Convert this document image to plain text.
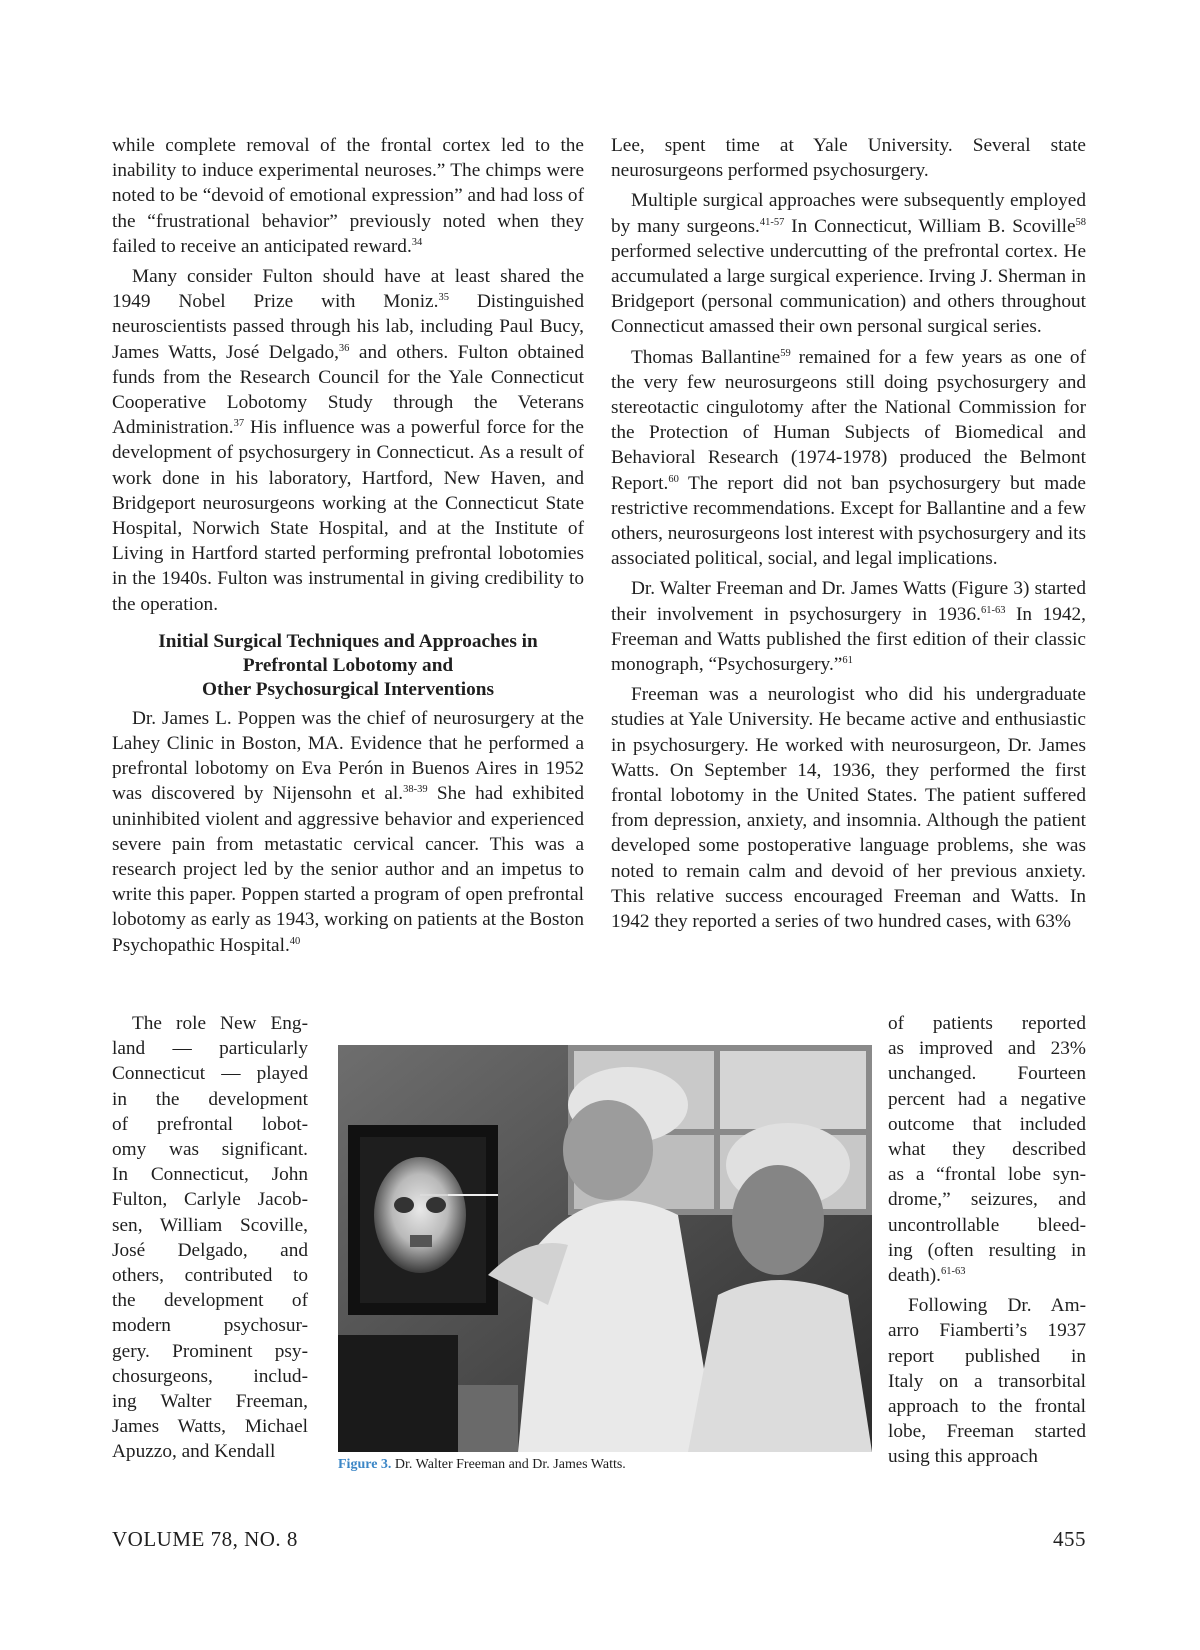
while complete removal of the frontal cortex led to the inability to induce experimental neuroses.” The chimps were noted to be “devoid of emotional expression” and had loss of the “frustrational behavior” previously noted when they failed to receive an anticipated reward.$^{34}$

Many consider Fulton should have at least shared the 1949 Nobel Prize with Moniz.$^{35}$ Distinguished neuroscientists passed through his lab, including Paul Bucy, James Watts, José Delgado,$^{36}$ and others. Fulton obtained funds from the Research Council for the Yale Connecticut Cooperative Lobotomy Study through the Veterans Administration.$^{37}$ His influence was a powerful force for the development of psychosurgery in Connecticut. As a result of work done in his laboratory, Hartford, New Haven, and Bridgeport neurosurgeons working at the Connecticut State Hospital, Norwich State Hospital, and at the Institute of Living in Hartford started performing prefrontal lobotomies in the 1940s. Fulton was instrumental in giving credibility to the operation.

Initial Surgical Techniques and Approaches in
Prefrontal Lobotomy and
Other Psychosurgical Interventions

Dr. James L. Poppen was the chief of neurosurgery at the Lahey Clinic in Boston, MA. Evidence that he performed a prefrontal lobotomy on Eva Perón in Buenos Aires in 1952 was discovered by Nijensohn et al.$^{38-39}$ She had exhibited uninhibited violent and aggressive behavior and experienced severe pain from metastatic cervical cancer. This was a research project led by the senior author and an impetus to write this paper. Poppen started a program of open prefrontal lobotomy as early as 1943, working on patients at the Boston Psychopathic Hospital.$^{40}$

The role New Eng-
land — particularly
Connecticut — played
in the development
of prefrontal lobot-
omy was significant.
In Connecticut, John
Fulton, Carlyle Jacob-
sen, William Scoville,
José Delgado, and
others, contributed to
the development of
modern psychosur-
gery. Prominent psy-
chosurgeons, includ-
ing Walter Freeman,
James Watts, Michael
Apuzzo, and Kendall

Lee, spent time at Yale University. Several state neurosurgeons performed psychosurgery.

Multiple surgical approaches were subsequently employed by many surgeons.$^{41-57}$ In Connecticut, William B. Scoville$^{58}$ performed selective undercutting of the prefrontal cortex. He accumulated a large surgical experience. Irving J. Sherman in Bridgeport (personal communication) and others throughout Connecticut amassed their own personal surgical series.

Thomas Ballantine$^{59}$ remained for a few years as one of the very few neurosurgeons still doing psychosurgery and stereotactic cingulotomy after the National Commission for the Protection of Human Subjects of Biomedical and Behavioral Research (1974-1978) produced the Belmont Report.$^{60}$ The report did not ban psychosurgery but made restrictive recommendations. Except for Ballantine and a few others, neurosurgeons lost interest with psychosurgery and its associated political, social, and legal implications.

Dr. Walter Freeman and Dr. James Watts (Figure 3) started their involvement in psychosurgery in 1936.$^{61-63}$ In 1942, Freeman and Watts published the first edition of their classic monograph, “Psychosurgery.”$^{61}$

Freeman was a neurologist who did his undergraduate studies at Yale University. He became active and enthusiastic in psychosurgery. He worked with neurosurgeon, Dr. James Watts. On September 14, 1936, they performed the first frontal lobotomy in the United States. The patient suffered from depression, anxiety, and insomnia. Although the patient developed some postoperative language problems, she was noted to remain calm and devoid of her previous anxiety. This relative success encouraged Freeman and Watts. In 1942 they reported a series of two hundred cases, with 63%

of patients reported
as improved and 23%
unchanged. Fourteen
percent had a negative
outcome that included
what they described
as a “frontal lobe syn-
drome,” seizures, and
uncontrollable bleed-
ing (often resulting in
death).$^{61-63}$

Following Dr. Am-
arro Fiamberti’s 1937
report published in
Italy on a transorbital
approach to the frontal
lobe, Freeman started
using this approach

Figure 3. Dr. Walter Freeman and Dr. James Watts.
VOLUME 78, NO. 8	455
